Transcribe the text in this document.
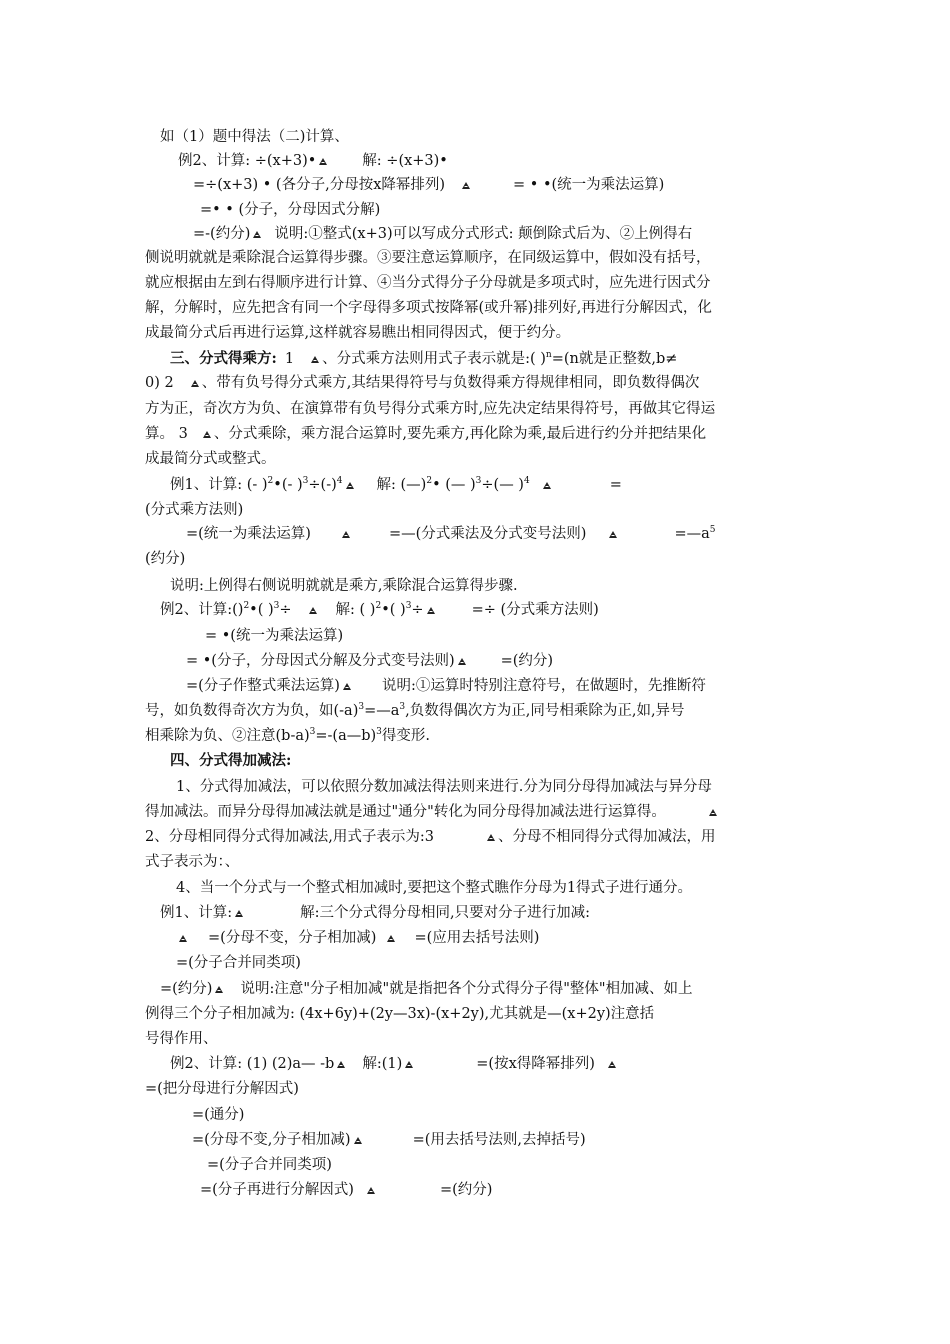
如（1）题中得法（二)计算、
例2、计算: ÷(x+3)•	解: ÷(x+3)•
=÷(x+3) • (各分子,分母按x降幂排列)	= • •(统一为乘法运算)
=• • (分子，分母因式分解)
=-(约分) 说明:①整式(x+3)可以写成分式形式: 颠倒除式后为、②上例得右
侧说明就就是乘除混合运算得步骤。③要注意运算顺序，在同级运算中，假如没有括号，
就应根据由左到右得顺序进行计算、④当分式得分子分母就是多项式时，应先进行因式分
解，分解时，应先把含有同一个字母得多项式按降幂(或升幂)排列好,再进行分解因式，化
成最简分式后再进行运算,这样就容易瞧出相同得因式，便于约分。
三、分式得乘方: 1 、分式乘方法则用式子表示就是:( )$^n$=(n就是正整数,b≠
0) 2 、带有负号得分式乘方,其结果得符号与负数得乘方得规律相同，即负数得偶次
方为正，奇次方为负、在演算带有负号得分式乘方时,应先决定结果得符号，再做其它得运
算。 3 、分式乘除，乘方混合运算时,要先乘方,再化除为乘,最后进行约分并把结果化
成最简分式或整式。
例1、计算: (- )$^2$•(- )$^3\div(-)^4$ 解: (—)$^2$• (— )$^3$÷(— )$^4$	=
(分式乘方法则)
=(统一为乘法运算)	=—(分式乘法及分式变号法则)	$=—a^5$
(约分)
说明:上例得右侧说明就就是乘方,乘除混合运算得步骤.
例2、计算:()$^2$•( )$^3$÷	解: ( )$^2$•( )$^3$÷	=÷ (分式乘方法则)
= •(统一为乘法运算)
= •(分子，分母因式分解及分式变号法则)	=(约分)
=(分子作整式乘法运算)	说明:①运算时特别注意符号，在做题时，先推断符
号，如负数得奇次方为负，如$(-a)^3=—a^3$,负数得偶次方为正,同号相乘除为正,如,异号
相乘除为负、②注意$(b-a)^3=-(a—b)^3$得变形.
四、分式得加减法:
1、分式得加减法，可以依照分数加减法得法则来进行.分为同分母得加减法与异分母
得加减法。而异分母得加减法就是通过"通分"转化为同分母得加减法进行运算得。
2、分母相同得分式得加减法,用式子表示为:3	、分母不相同得分式得加减法，用
式子表示为：、
4、当一个分式与一个整式相加减时,要把这个整式瞧作分母为1得式子进行通分。
例1、计算:	解:三个分式得分母相同,只要对分子进行加减:
=(分母不变，分子相加减)	=(应用去括号法则)
=(分子合并同类项)
=(约分) 说明:注意"分子相加减"就是指把各个分式得分子得"整体"相加减、如上
例得三个分子相加减为: (4x+6y)+(2y—3x)-(x+2y),尤其就是—(x+2y)注意括
号得作用、
例2、计算: (1) (2)a— -b 解:(1)	=(按x得降幂排列)
=(把分母进行分解因式)
=(通分)
=(分母不变,分子相加减)	=(用去括号法则,去掉括号)
=(分子合并同类项)
=(分子再进行分解因式)	=(约分)
